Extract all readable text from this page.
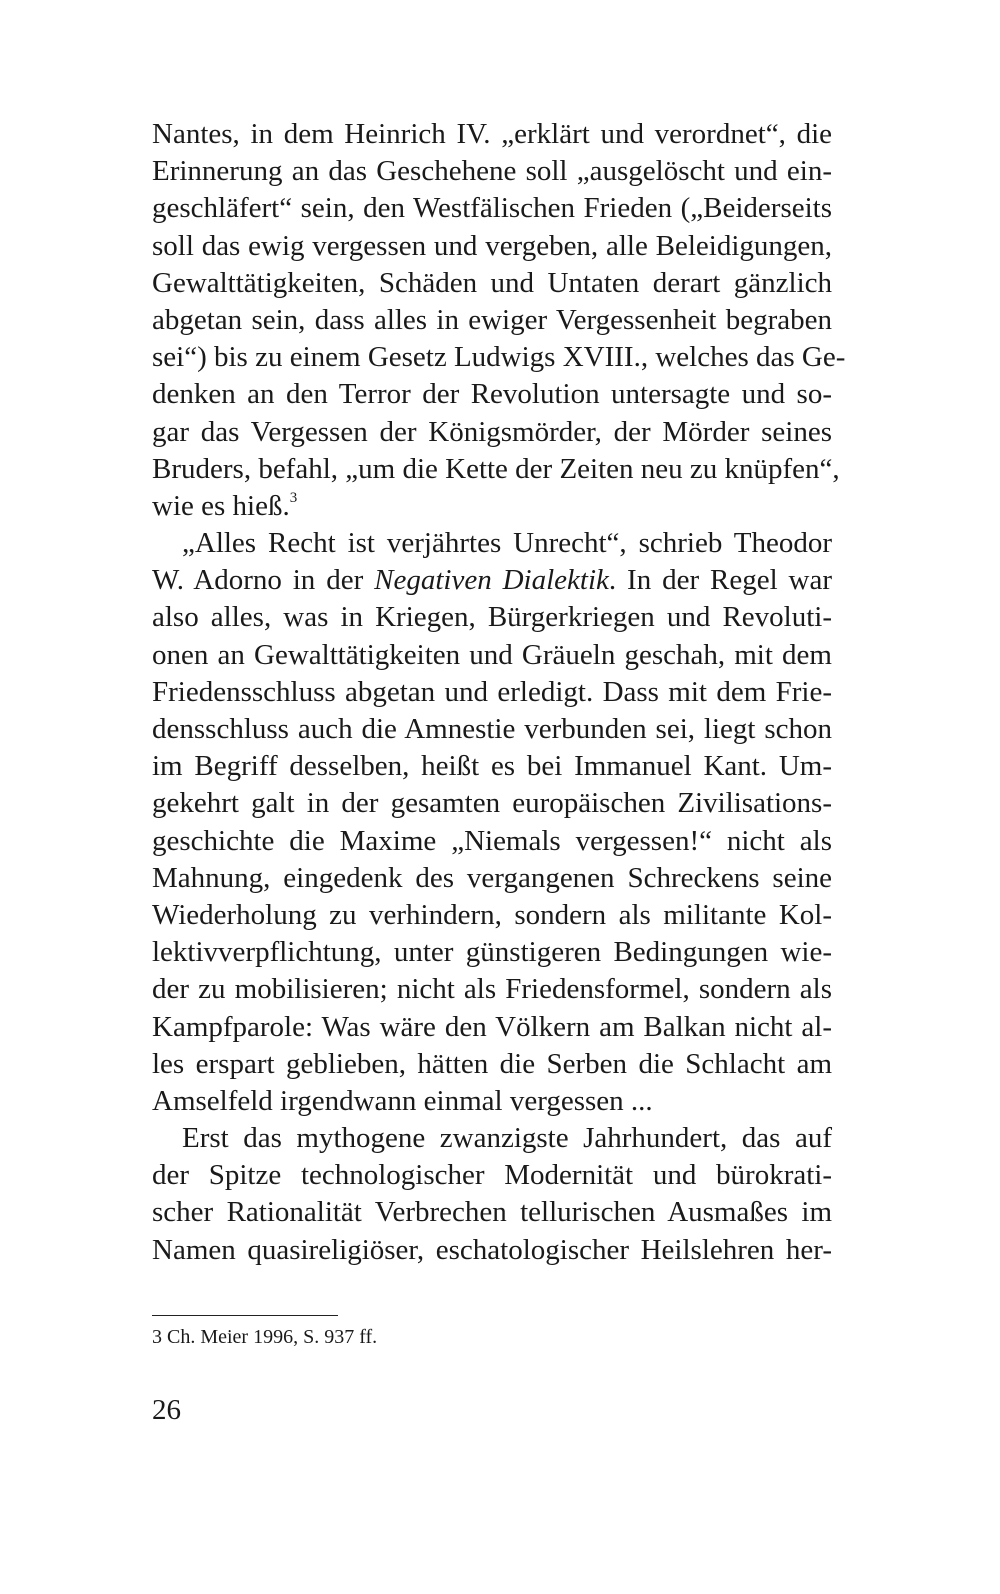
Nantes, in dem Heinrich IV. „erklärt und verordnet“, die
Erinnerung an das Geschehene soll „ausgelöscht und ein-
geschläfert“ sein, den Westfälischen Frieden („Beiderseits
soll das ewig vergessen und vergeben, alle Beleidigungen,
Gewalttätigkeiten, Schäden und Untaten derart gänzlich
abgetan sein, dass alles in ewiger Vergessenheit begraben
sei“) bis zu einem Gesetz Ludwigs XVIII., welches das Ge-
denken an den Terror der Revolution untersagte und so-
gar das Vergessen der Königsmörder, der Mörder seines
Bruders, befahl, „um die Kette der Zeiten neu zu knüpfen“,
wie es hieß.$^3$
„Alles Recht ist verjährtes Unrecht“, schrieb Theodor
W. Adorno in der Negativen Dialektik. In der Regel war
also alles, was in Kriegen, Bürgerkriegen und Revoluti-
onen an Gewalttätigkeiten und Gräueln geschah, mit dem
Friedensschluss abgetan und erledigt. Dass mit dem Frie-
densschluss auch die Amnestie verbunden sei, liegt schon
im Begriff desselben, heißt es bei Immanuel Kant. Um-
gekehrt galt in der gesamten europäischen Zivilisations-
geschichte die Maxime „Niemals vergessen!“ nicht als
Mahnung, eingedenk des vergangenen Schreckens seine
Wiederholung zu verhindern, sondern als militante Kol-
lektivverpflichtung, unter günstigeren Bedingungen wie-
der zu mobilisieren; nicht als Friedensformel, sondern als
Kampfparole: Was wäre den Völkern am Balkan nicht al-
les erspart geblieben, hätten die Serben die Schlacht am
Amselfeld irgendwann einmal vergessen ...
Erst das mythogene zwanzigste Jahrhundert, das auf
der Spitze technologischer Modernität und bürokrati-
scher Rationalität Verbrechen tellurischen Ausmaßes im
Namen quasireligiöser, eschatologischer Heilslehren her-
3 Ch. Meier 1996, S. 937 ff.
26
